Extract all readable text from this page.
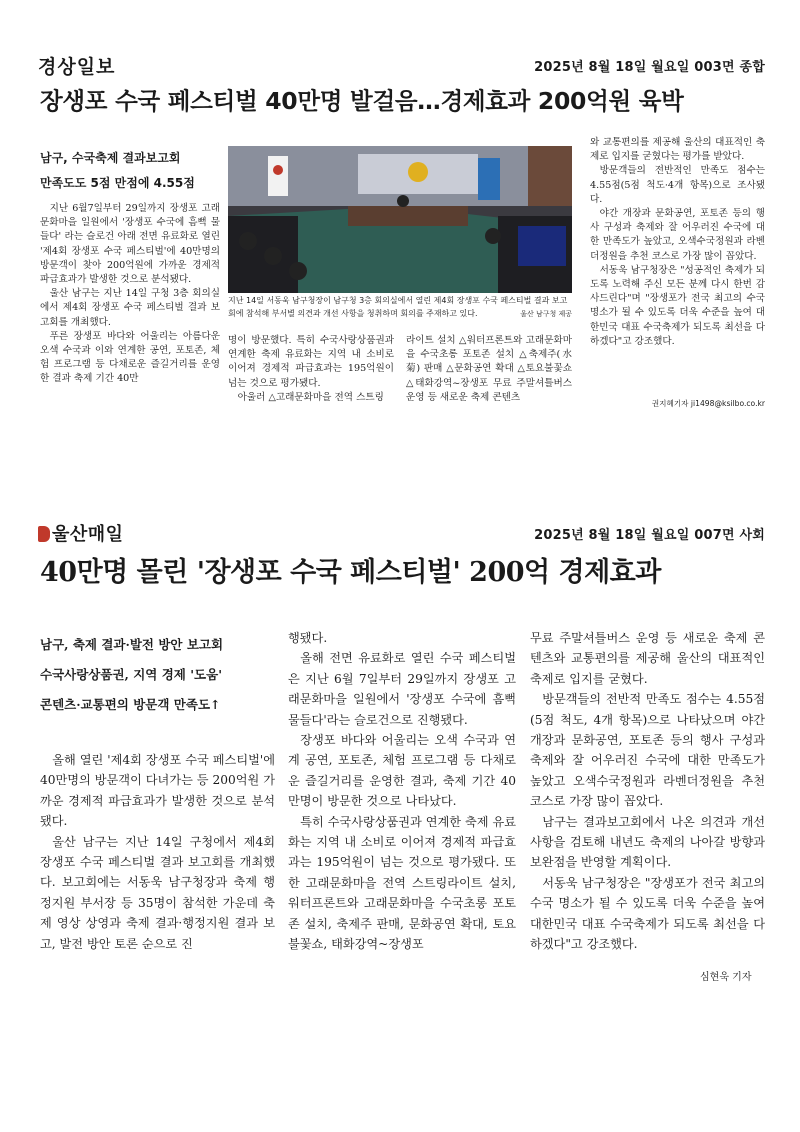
경상일보	2025년 8월 18일 월요일 003면 종합
장생포 수국 페스티벌 40만명 발걸음…경제효과 200억원 육박
남구, 수국축제 결과보고회
만족도도 5점 만점에 4.55점

지난 6월7일부터 29일까지 장생포 고래문화마을 일원에서 '장생포 수국에 흠뻑 물들다' 라는 슬로건 아래 전면 유료화로 열린 '제4회 장생포 수국 페스티벌'에 40만명의 방문객이 찾아 200억원에 가까운 경제적 파급효과가 발생한 것으로 분석됐다.

울산 남구는 지난 14일 구청 3층 회의실에서 제4회 장생포 수국 페스티벌 결과 보고회를 개최했다.

푸른 장생포 바다와 어울리는 아름다운 오색 수국과 이와 연계한 공연, 포토존, 체험 프로그램 등 다채로운 즐길거리를 운영한 결과 축제 기간 40만

지난 14일 서동욱 남구청장이 남구청 3층 회의실에서 열린 제4회 장생포 수국 페스티벌 결과 보고회에 참석해 부서별 의견과 개선 사항을 청취하며 회의를 주재하고 있다.	울산 남구청 제공

명이 방문했다. 특히 수국사랑상품권과 연계한 축제 유료화는 지역 내 소비로 이어져 경제적 파급효과는 195억원이 넘는 것으로 평가됐다.

아울러 △고래문화마을 전역 스트링

라이트 설치 △워터프론트와 고래문화마을 수국초롱 포토존 설치 △축제주(水菊) 판매 △문화공연 확대 △토요불꽃쇼 △태화강역~장생포 무료 주말셔틀버스 운영 등 새로운 축제 콘텐츠

와 교통편의를 제공해 울산의 대표적인 축제로 입지를 굳혔다는 평가를 받았다.

방문객들의 전반적인 만족도 점수는 4.55점(5점 척도·4개 항목)으로 조사됐다.

야간 개장과 문화공연, 포토존 등의 행사 구성과 축제와 잘 어우러진 수국에 대한 만족도가 높았고, 오색수국정원과 라벤더정원을 추천 코스로 가장 많이 꼽았다.

서동욱 남구청장은 "성공적인 축제가 되도록 노력해 주신 모든 분께 다시 한번 감사드린다"며 "장생포가 전국 최고의 수국 명소가 될 수 있도록 더욱 수준을 높여 대한민국 대표 수국축제가 되도록 최선을 다하겠다"고 강조했다.

권지혜기자 ji1498@ksilbo.co.kr
울산매일	2025년 8월 18일 월요일 007면 사회
40만명 몰린 '장생포 수국 페스티벌' 200억 경제효과
남구, 축제 결과·발전 방안 보고회
수국사랑상품권, 지역 경제 '도움'
콘텐츠·교통편의 방문객 만족도↑

올해 열린 '제4회 장생포 수국 페스티벌'에 40만명의 방문객이 다녀가는 등 200억원 가까운 경제적 파급효과가 발생한 것으로 분석됐다.

울산 남구는 지난 14일 구청에서 제4회 장생포 수국 페스티벌 결과 보고회를 개최했다. 보고회에는 서동욱 남구청장과 축제 행정지원 부서장 등 35명이 참석한 가운데 축제 영상 상영과 축제 결과·행정지원 결과 보고, 발전 방안 토론 순으로 진

행됐다.

올해 전면 유료화로 열린 수국 페스티벌은 지난 6월 7일부터 29일까지 장생포 고래문화마을 일원에서 '장생포 수국에 흠뻑 물들다'라는 슬로건으로 진행됐다.

장생포 바다와 어울리는 오색 수국과 연계 공연, 포토존, 체험 프로그램 등 다채로운 즐길거리를 운영한 결과, 축제 기간 40만명이 방문한 것으로 나타났다.

특히 수국사랑상품권과 연계한 축제 유료화는 지역 내 소비로 이어져 경제적 파급효과는 195억원이 넘는 것으로 평가됐다. 또한 고래문화마을 전역 스트링라이트 설치, 워터프론트와 고래문화마을 수국초롱 포토존 설치, 축제주 판매, 문화공연 확대, 토요 불꽃쇼, 태화강역~장생포

무료 주말셔틀버스 운영 등 새로운 축제 콘텐츠와 교통편의를 제공해 울산의 대표적인 축제로 입지를 굳혔다.

방문객들의 전반적 만족도 점수는 4.55점(5점 척도, 4개 항목)으로 나타났으며 야간개장과 문화공연, 포토존 등의 행사 구성과 축제와 잘 어우러진 수국에 대한 만족도가 높았고 오색수국정원과 라벤더정원을 추천 코스로 가장 많이 꼽았다.

남구는 결과보고회에서 나온 의견과 개선 사항을 검토해 내년도 축제의 나아갈 방향과 보완점을 반영할 계획이다.

서동욱 남구청장은 "장생포가 전국 최고의 수국 명소가 될 수 있도록 더욱 수준을 높여 대한민국 대표 수국축제가 되도록 최선을 다하겠다"고 강조했다.

심현욱 기자
